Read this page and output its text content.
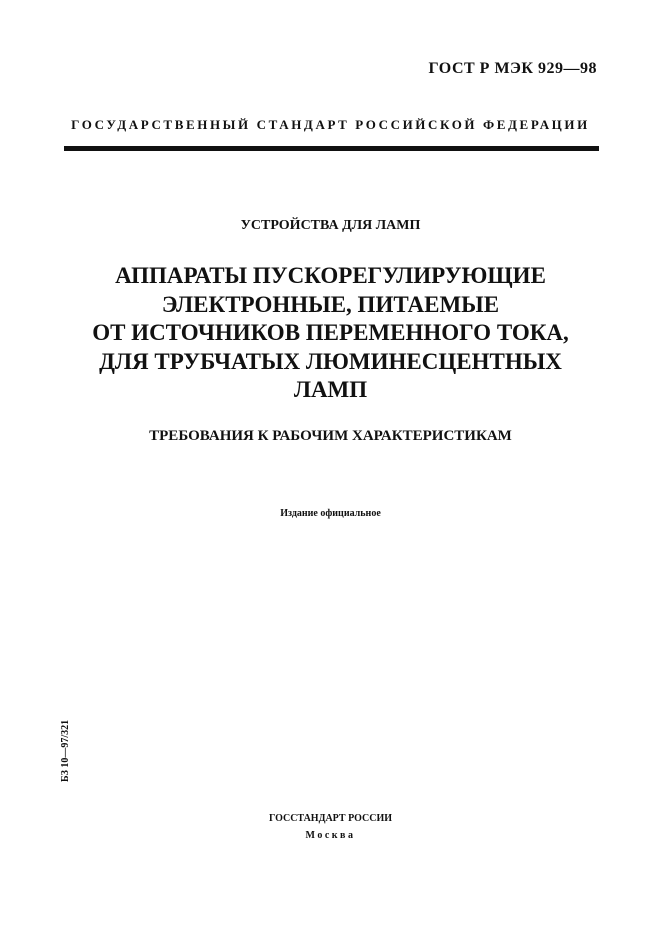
ГОСТ Р МЭК 929—98
ГОСУДАРСТВЕННЫЙ СТАНДАРТ РОССИЙСКОЙ ФЕДЕРАЦИИ
УСТРОЙСТВА ДЛЯ ЛАМП
АППАРАТЫ ПУСКОРЕГУЛИРУЮЩИЕ
ЭЛЕКТРОННЫЕ, ПИТАЕМЫЕ
ОТ ИСТОЧНИКОВ ПЕРЕМЕННОГО ТОКА,
ДЛЯ ТРУБЧАТЫХ ЛЮМИНЕСЦЕНТНЫХ
ЛАМП
ТРЕБОВАНИЯ К РАБОЧИМ ХАРАКТЕРИСТИКАМ
Издание официальное
БЗ 10—97/321
ГОССТАНДАРТ РОССИИ
Москва
